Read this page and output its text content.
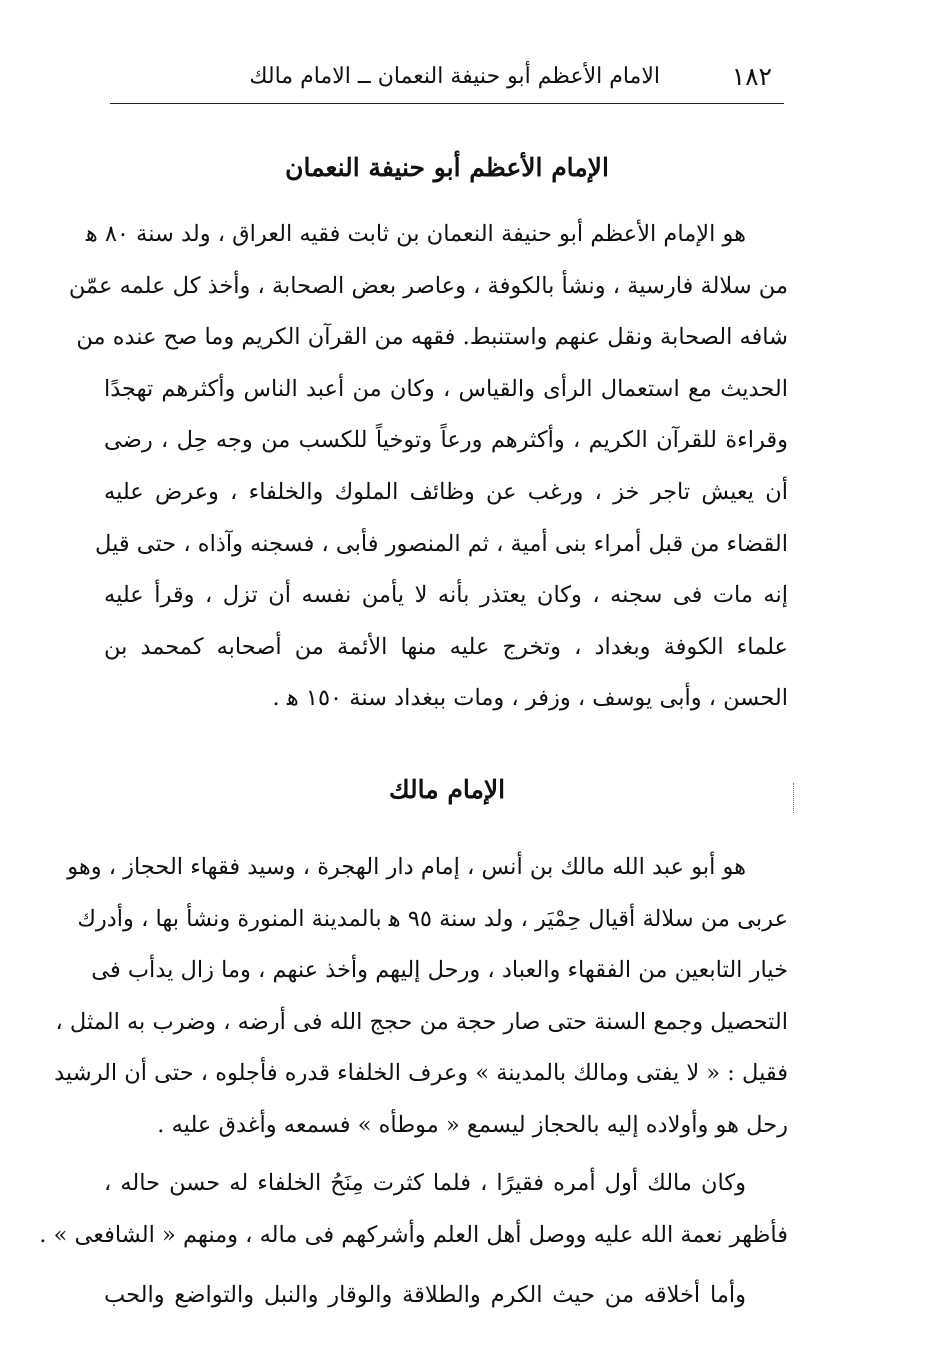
١٨٢
الامام الأعظم أبو حنيفة النعمان ــ الامام مالك
الإمام الأعظم أبو حنيفة النعمان
هو الإمام الأعظم أبو حنيفة النعمان بن ثابت فقيه العراق ، ولد سنة ٨٠ ﻫ
من سلالة فارسية ، ونشأ بالكوفة ، وعاصر بعض الصحابة ، وأخذ كل علمه عمّن
شافه الصحابة ونقل عنهم واستنبط. فقهه من القرآن الكريم وما صح عنده من
الحديث مع استعمال الرأى والقياس ، وكان من أعبد الناس وأكثرهم تهجدًا
وقراءة للقرآن الكريم ، وأكثرهم ورعاً وتوخياً للكسب من وجه حِل ، رضى
أن يعيش تاجر خز ، ورغب عن وظائف الملوك والخلفاء ، وعرض عليه
القضاء من قبل أمراء بنى أمية ، ثم المنصور فأبى ، فسجنه وآذاه ، حتى قيل
إنه مات فى سجنه ، وكان يعتذر بأنه لا يأمن نفسه أن تزل ، وقرأ عليه
علماء الكوفة وبغداد ، وتخرج عليه منها الأئمة من أصحابه كمحمد بن
الحسن ، وأبى يوسف ، وزفر ، ومات ببغداد سنة ١٥٠ ﻫ .
الإمام مالك
هو أبو عبد الله مالك بن أنس ، إمام دار الهجرة ، وسيد فقهاء الحجاز ، وهو
عربى من سلالة أقيال حِمْيَر ، ولد سنة ٩٥ ﻫ بالمدينة المنورة ونشأ بها ، وأدرك
خيار التابعين من الفقهاء والعباد ، ورحل إليهم وأخذ عنهم ، وما زال يدأب فى
التحصيل وجمع السنة حتى صار حجة من حجج الله فى أرضه ، وضرب به المثل ،
فقيل : « لا يفتى ومالك بالمدينة » وعرف الخلفاء قدره فأجلوه ، حتى أن الرشيد
رحل هو وأولاده إليه بالحجاز ليسمع « موطأه » فسمعه وأغدق عليه .
وكان مالك أول أمره فقيرًا ، فلما كثرت مِنَحُ الخلفاء له حسن حاله ،
فأظهر نعمة الله عليه ووصل أهل العلم وأشركهم فى ماله ، ومنهم « الشافعى » .
وأما أخلاقه من حيث الكرم والطلاقة والوقار والنبل والتواضع والحب
